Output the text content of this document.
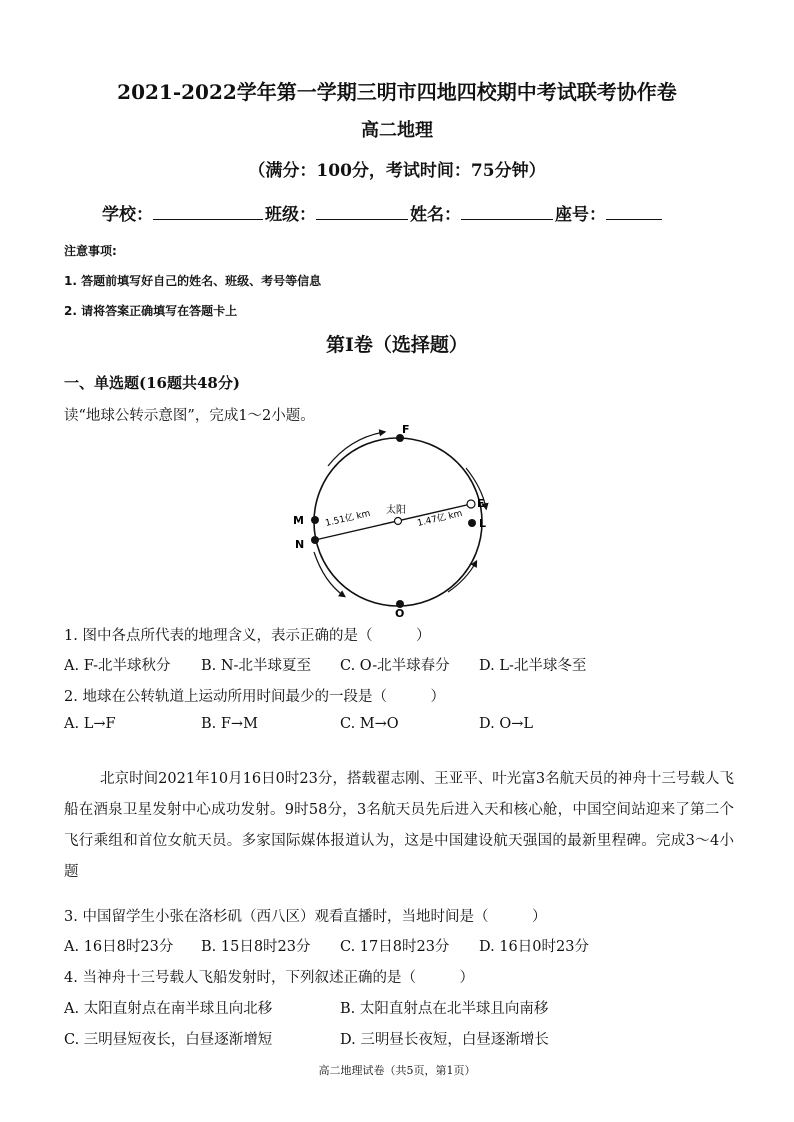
2021-2022学年第一学期三明市四地四校期中考试联考协作卷
高二地理
（满分：100分，考试时间：75分钟）
学校：	班级：	姓名：	座号：
注意事项:
1. 答题前填写好自己的姓名、班级、考号等信息
2. 请将答案正确填写在答题卡上
第Ⅰ卷（选择题）
一、单选题(16题共48分)
读“地球公转示意图”，完成1～2小题。
F
E
M
N
L
O
太阳
1.51亿 km	1.47亿 km
1. 图中各点所代表的地理含义，表示正确的是（　　　）
A. F-北半球秋分 B. N-北半球夏至 C. O-北半球春分 D. L-北半球冬至
2. 地球在公转轨道上运动所用时间最少的一段是（　　　）
A. L→F	B. F→M	C. M→O	D. O→L
北京时间2021年10月16日0时23分，搭载翟志刚、王亚平、叶光富3名航天员的神舟十三号载人飞船在酒泉卫星发射中心成功发射。9时58分，3名航天员先后进入天和核心舱，中国空间站迎来了第二个飞行乘组和首位女航天员。多家国际媒体报道认为，这是中国建设航天强国的最新里程碑。完成3～4小题
3. 中国留学生小张在洛杉矶（西八区）观看直播时，当地时间是（　　　）
A. 16日8时23分 B. 15日8时23分 C. 17日8时23分 D. 16日0时23分
4. 当神舟十三号载人飞船发射时，下列叙述正确的是（　　　）
A. 太阳直射点在南半球且向北移	B. 太阳直射点在北半球且向南移
C. 三明昼短夜长，白昼逐渐增短	D. 三明昼长夜短，白昼逐渐增长
高二地理试卷（共5页，第1页）
